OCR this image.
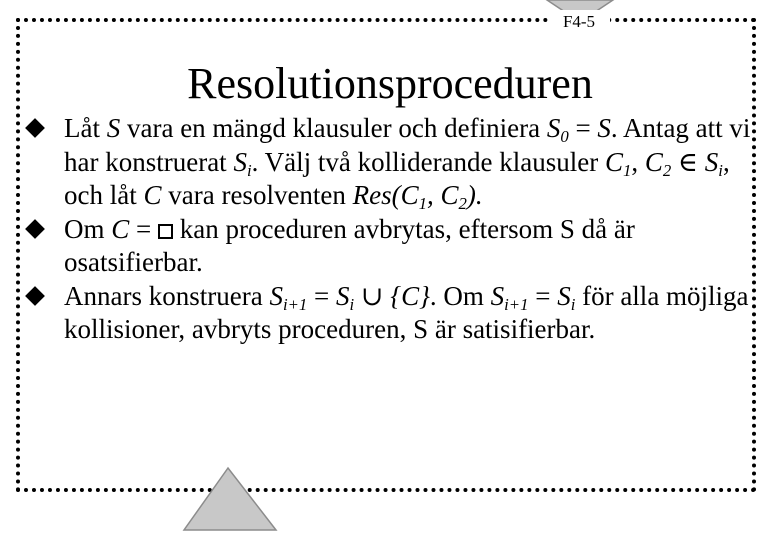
F4-5
Resolutionsproceduren
Låt S vara en mängd klausuler och definiera $S_0 = S$. Antag att vi har konstruerat $S_i$. Välj två kolliderande klausuler $C_1$, $C_2$ ∈ $S_i$, och låt C vara resolventen $Res(C_1$, $C_2$).
Om C =  kan proceduren avbrytas, eftersom S då är osatsifierbar.
Annars konstruera $S_{i+1} = S_i$ ∪ {C}. Om $S_{i+1} = S_i$ för alla möjliga kollisioner, avbryts proceduren, S är satisifierbar.
